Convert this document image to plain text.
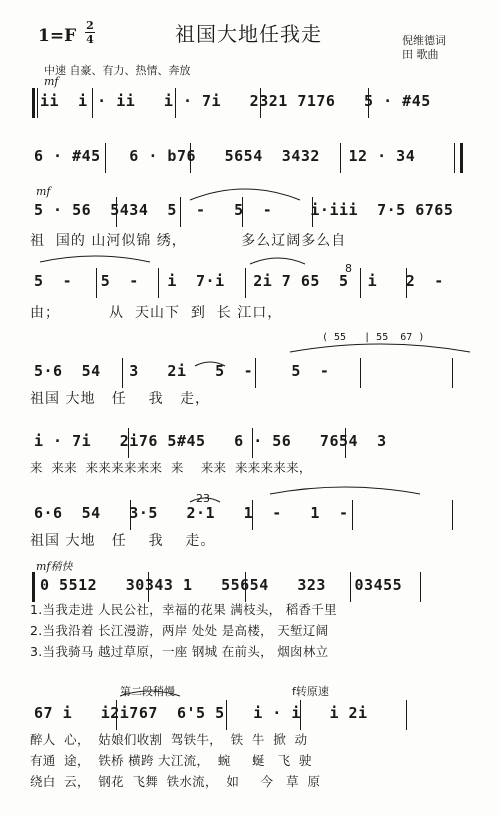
1=F
2
4	祖国大地任我走	倪维德词
田 歌曲
中速 自豪、有力、热情、奔放
mf
ii  i · ii   i · 7i   2321 7176   5 · #45
6 · #45   6 · b76   5654  3432   12 · 34
mf
5 · 56  5434  5  -   5  -    i·iii  7·5 6765
祖  国的 山河似锦 绣，          多么辽阔多么自
5  -   5  -   i  7·i   2i 7 65  5  i   2  -
8
由；         从  天山下  到  长 江口，
( 55   | 55  67 )
5·6  54   3   2i   5  -    5  -
祖国 大地   任    我   走，
i · 7i   2i76 5#45   6 · 56   7654  3
来  来来  来来来来来来  来    来来  来来来来来，
23
6·6  54   3·5   2·1   1  -   1  -
祖国 大地   任    我    走。
mf稍快
0 5512   30343 1   55654   323   03455
1.当我走进 人民公社，幸福的花果 满枝头， 稻香千里
2.当我沿着 长江漫游，两岸 处处 是高楼， 天堑辽阔
3.当我骑马 越过草原，一座 钢城 在前头， 烟囱林立
第二段稍慢	f转原速
67 i   i2i767  6'5 5   i · i   i 2i
醉人  心，  姑娘们收割  驾铁牛，  铁  牛  掀  动
有通  途，  铁桥 横跨 大江流，  蜿     蜒   飞  驶
绕白  云，  钢花  飞舞  铁水流，  如     今   草  原
